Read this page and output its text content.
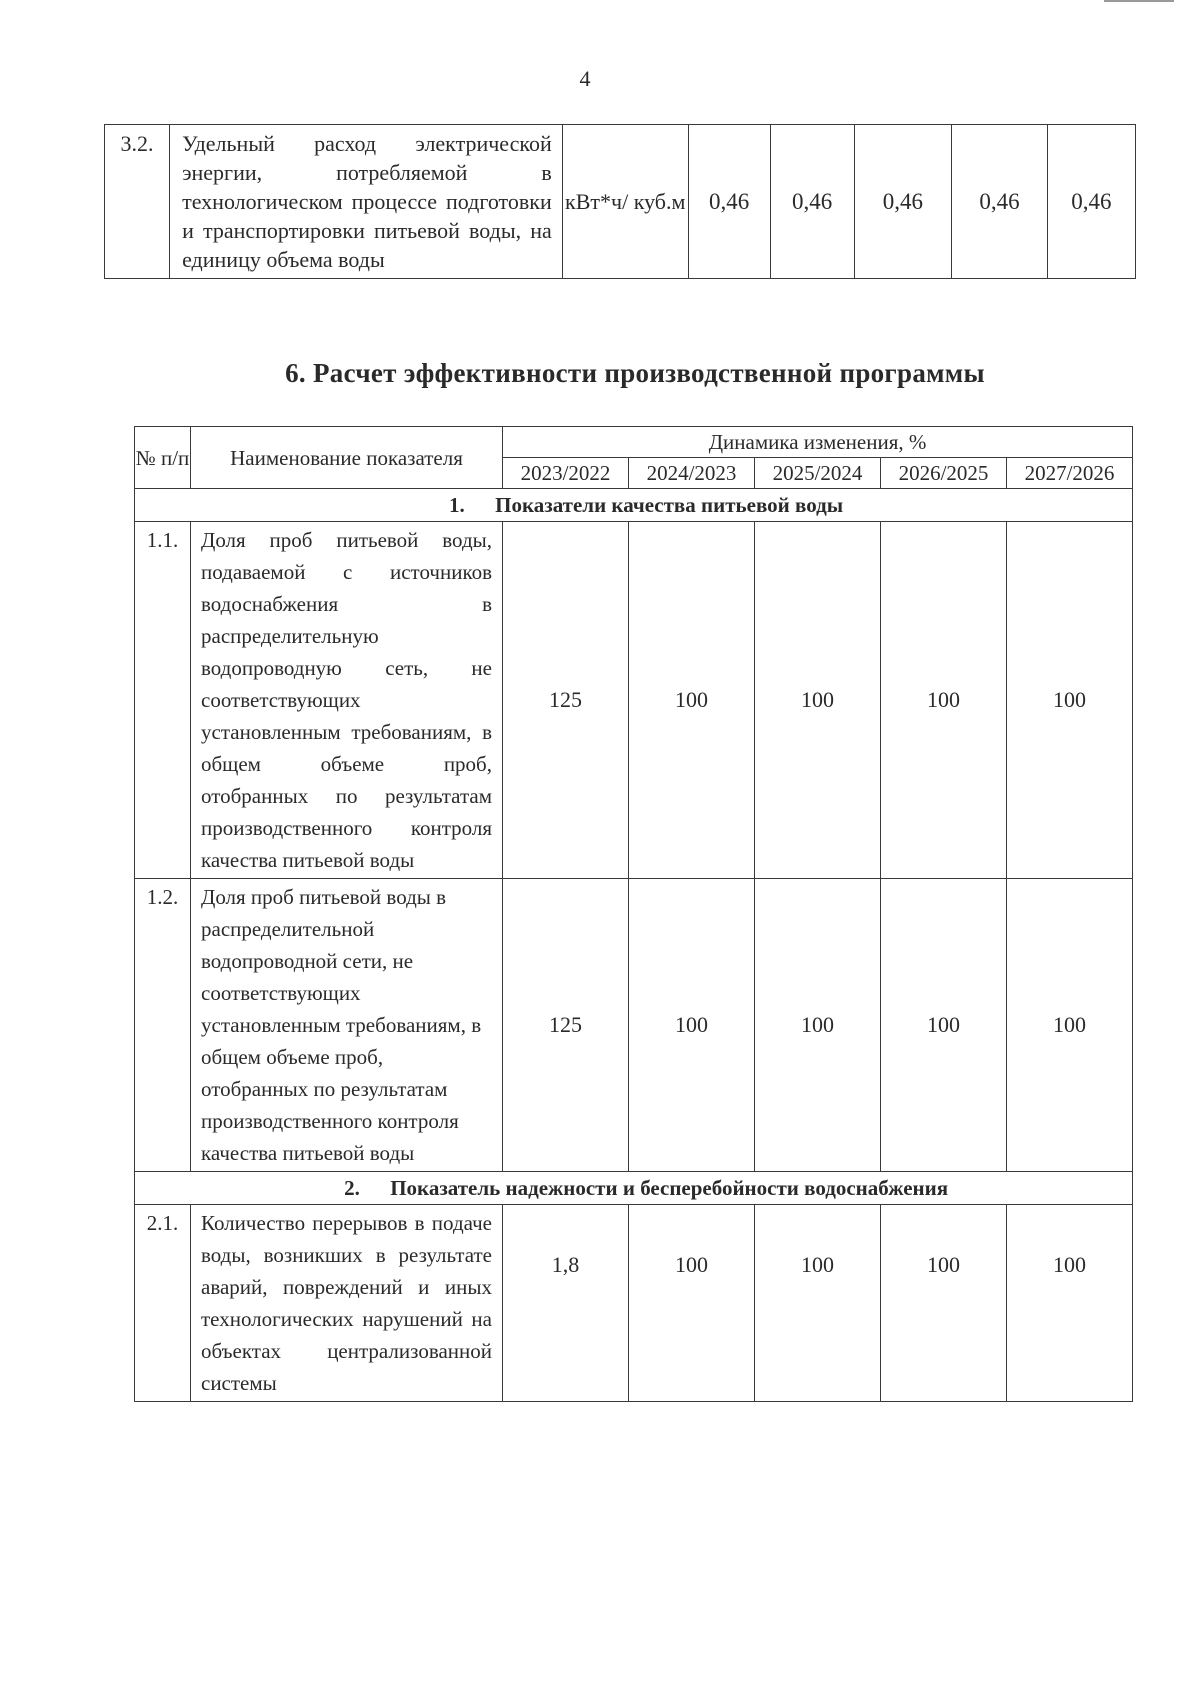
4
3.2.	Удельный расход электрической энергии, потребляемой в технологическом процессе подготовки и транспортировки питьевой воды, на единицу объема воды	кВт*ч/ куб.м	0,46	0,46	0,46	0,46	0,46
6. Расчет эффективности производственной программы
№ п/п	Наименование показателя	Динамика изменения, %				
		2023/2022	2024/2023	2025/2024	2026/2025	2027/2026
1. Показатели качества питьевой воды						
1.1.	Доля проб питьевой воды, подаваемой с источников водоснабжения в распределительную водопроводную сеть, не соответствующих установленным требованиям, в общем объеме проб, отобранных по результатам производственного контроля качества питьевой воды	125	100	100	100	100
1.2.	Доля проб питьевой воды в распределительной водопроводной сети, не соответствующих установленным требованиям, в общем объеме проб, отобранных по результатам производственного контроля качества питьевой воды	125	100	100	100	100
2. Показатель надежности и бесперебойности водоснабжения						
2.1.	Количество перерывов в подаче воды, возникших в результате аварий, повреждений и иных технологических нарушений на объектах централизованной системы	1,8	100	100	100	100
